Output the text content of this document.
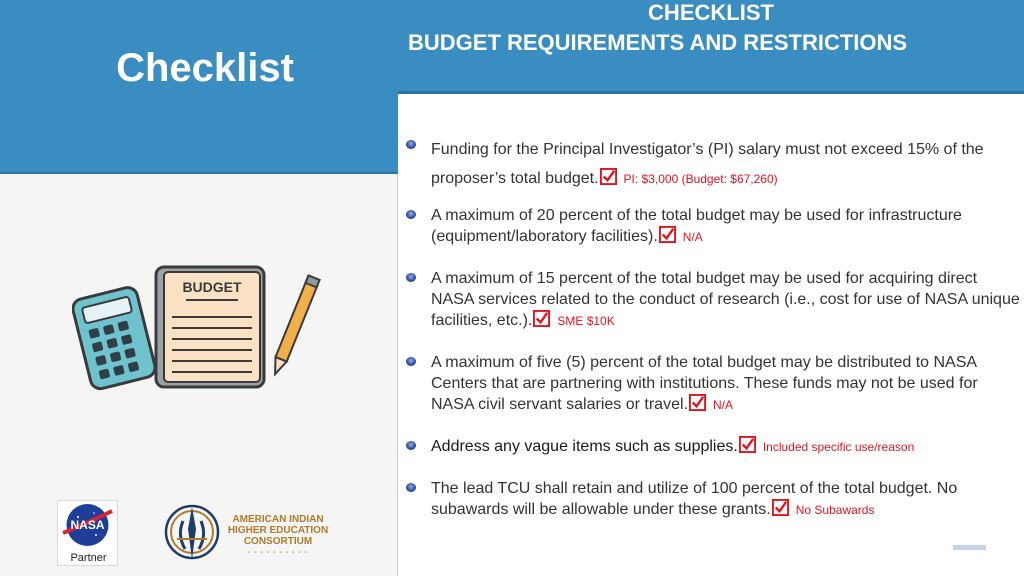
Checklist
CHECKLIST
BUDGET REQUIREMENTS AND RESTRICTIONS
BUDGET
Funding for the Principal Investigator’s (PI) salary must not exceed 15% of the proposer’s total budget. PI: $3,000 (Budget: $67,260)
A maximum of 20 percent of the total budget may be used for infrastructure (equipment/laboratory facilities). N/A
A maximum of 15 percent of the total budget may be used for acquiring direct NASA services related to the conduct of research (i.e., cost for use of NASA unique facilities, etc.). SME $10K
A maximum of five (5) percent of the total budget may be distributed to NASA Centers that are partnering with institutions. These funds may not be used for NASA civil servant salaries or travel. N/A
Address any vague items such as supplies. Included specific use/reason
The lead TCU shall retain and utilize of 100 percent of the total budget. No subawards will be allowable under these grants. No Subawards
NASA
Partner
AMERICAN INDIAN
HIGHER EDUCATION
CONSORTIUM
- - - - - - - - - -
